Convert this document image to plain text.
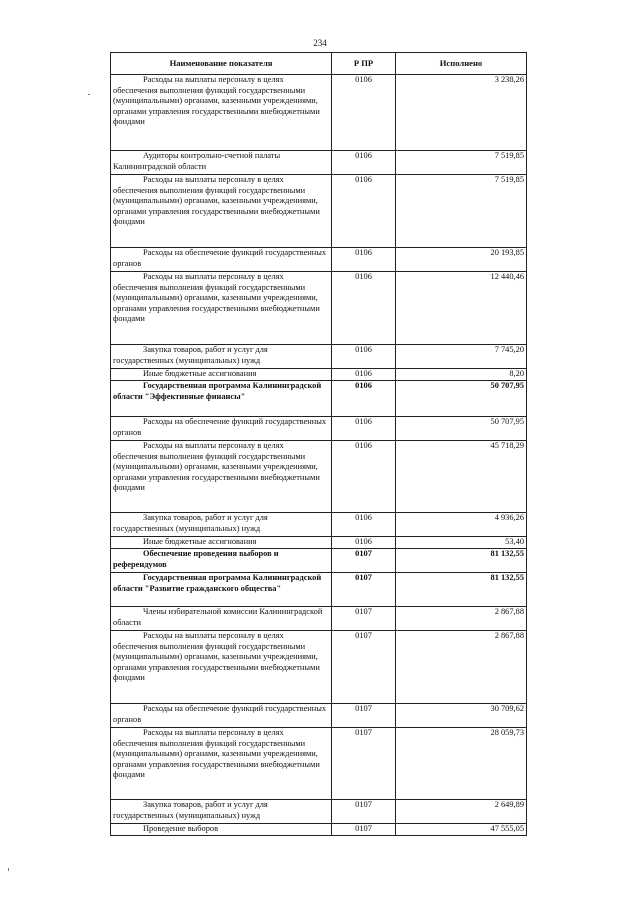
234
Наименование показателя	Р ПР	Исполнено
Расходы на выплаты персоналу в целях обеспечения выполнения функций государственными (муниципальными) органами, казенными учреждениями, органами управления государственными внебюджетными фондами	0106	3 238,26
Аудиторы контрольно-счетной палаты Калининградской области	0106	7 519,85
Расходы на выплаты персоналу в целях обеспечения выполнения функций государственными (муниципальными) органами, казенными учреждениями, органами управления государственными внебюджетными фондами	0106	7 519,85
Расходы на обеспечение функций государственных органов	0106	20 193,85
Расходы на выплаты персоналу в целях обеспечения выполнения функций государственными (муниципальными) органами, казенными учреждениями, органами управления государственными внебюджетными фондами	0106	12 440,46
Закупка товаров, работ и услуг для государственных (муниципальных) нужд	0106	7 745,20
Иные бюджетные ассигнования	0106	8,20
Государственная программа Калининградской области "Эффективные финансы"	0106	50 707,95
Расходы на обеспечение функций государственных органов	0106	50 707,95
Расходы на выплаты персоналу в целях обеспечения выполнения функций государственными (муниципальными) органами, казенными учреждениями, органами управления государственными внебюджетными фондами	0106	45 718,29
Закупка товаров, работ и услуг для государственных (муниципальных) нужд	0106	4 936,26
Иные бюджетные ассигнования	0106	53,40
Обеспечение проведения выборов и референдумов	0107	81 132,55
Государственная программа Калининградской области "Развитие гражданского общества"	0107	81 132,55
Члены избирательной комиссии Калининградской области	0107	2 867,88
Расходы на выплаты персоналу в целях обеспечения выполнения функций государственными (муниципальными) органами, казенными учреждениями, органами управления государственными внебюджетными фондами	0107	2 867,88
Расходы на обеспечение функций государственных органов	0107	30 709,62
Расходы на выплаты персоналу в целях обеспечения выполнения функций государственными (муниципальными) органами, казенными учреждениями, органами управления государственными внебюджетными фондами	0107	28 059,73
Закупка товаров, работ и услуг для государственных (муниципальных) нужд	0107	2 649,89
Проведение выборов	0107	47 555,05
